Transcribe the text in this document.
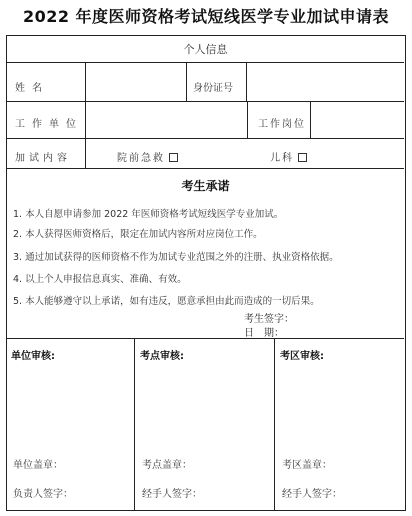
2022 年度医师资格考试短线医学专业加试申请表
个人信息
姓名	身份证号
工作单位	工作岗位
加试内容	院前急救	儿科
考生承诺
1. 本人自愿申请参加 2022 年医师资格考试短线医学专业加试。
2. 本人获得医师资格后，限定在加试内容所对应岗位工作。
3. 通过加试获得的医师资格不作为加试专业范围之外的注册、执业资格依据。
4. 以上个人申报信息真实、准确、有效。
5. 本人能够遵守以上承诺，如有违反，愿意承担由此而造成的一切后果。
考生签字：
日　期：
单位审核:
单位盖章：
负责人签字：
考点审核:
考点盖章：
经手人签字：
考区审核:
考区盖章：
经手人签字：
